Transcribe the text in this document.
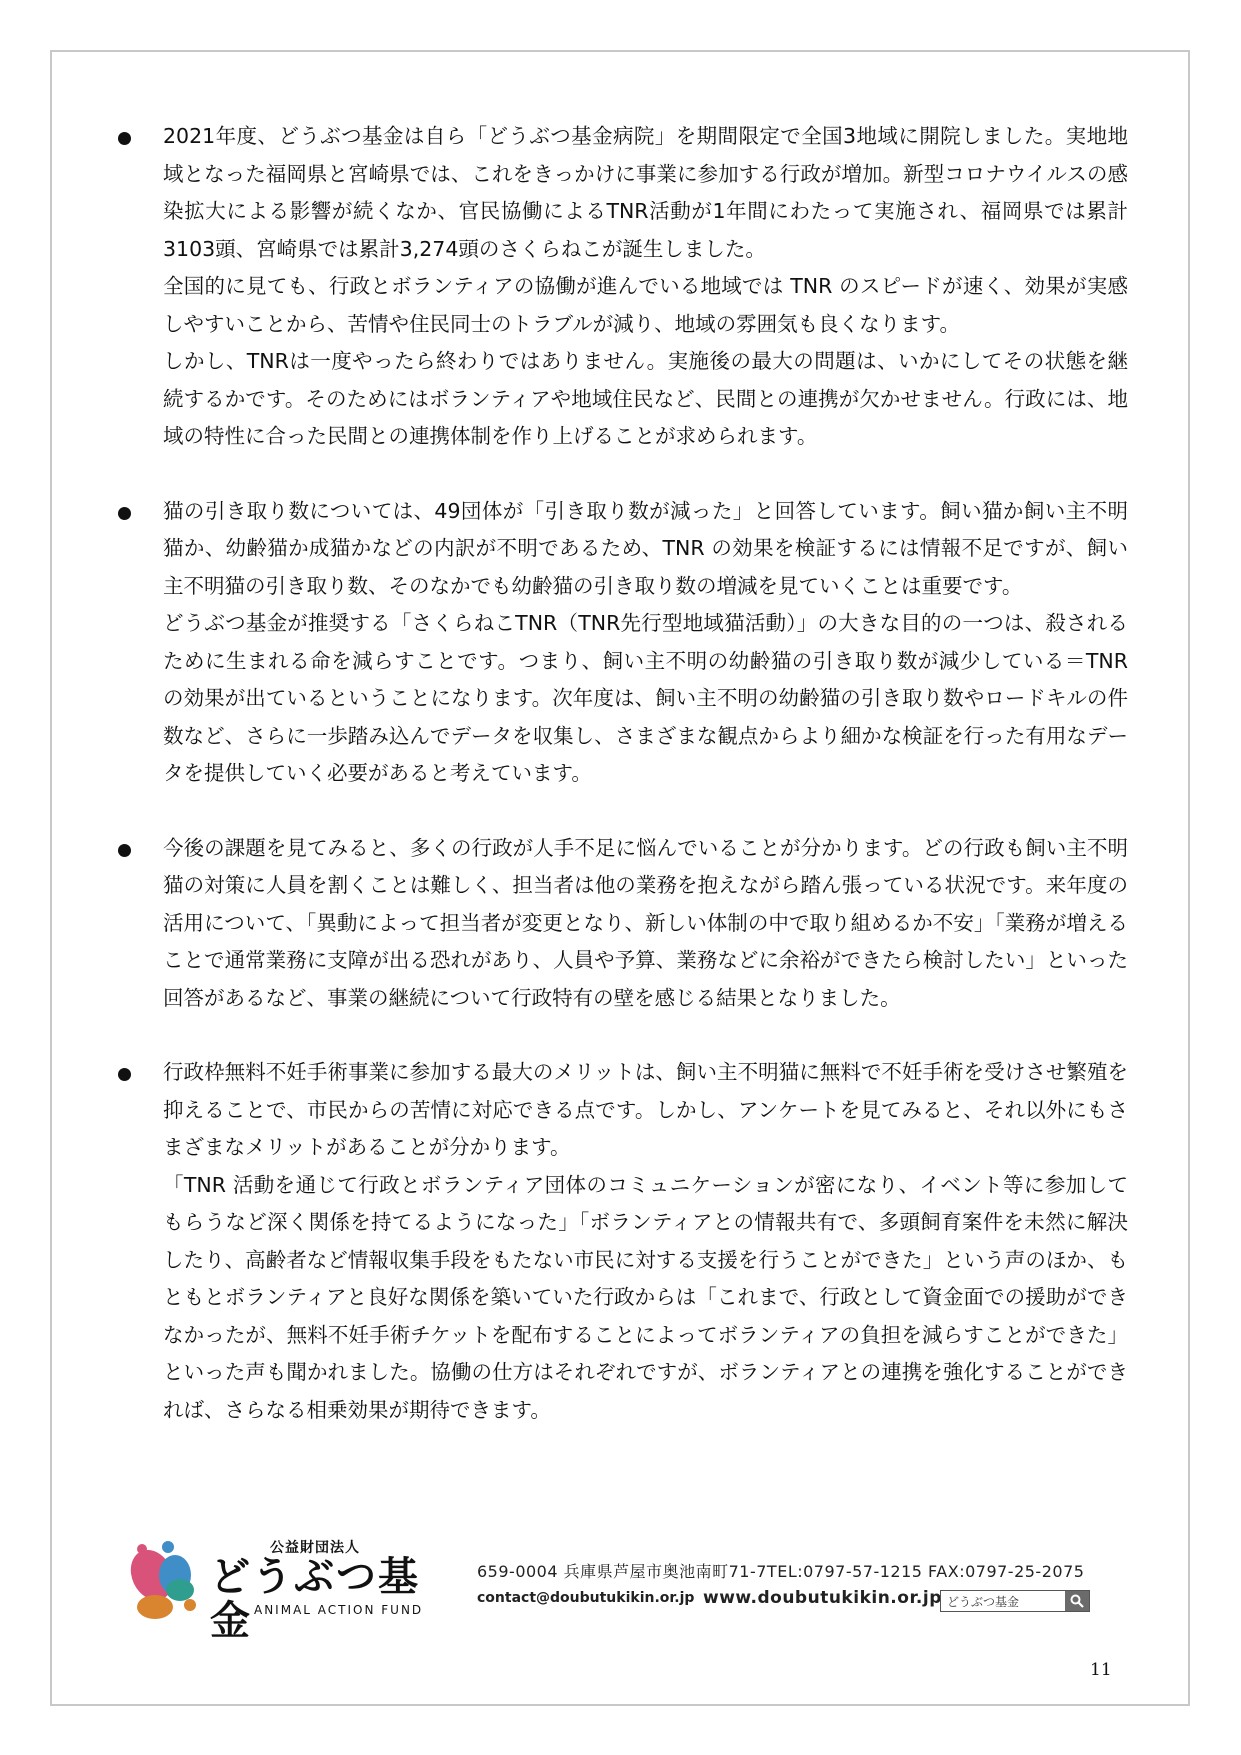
2021年度、どうぶつ基金は自ら「どうぶつ基金病院」を期間限定で全国3地域に開院しました。実地地域となった福岡県と宮崎県では、これをきっかけに事業に参加する行政が増加。新型コロナウイルスの感染拡大による影響が続くなか、官民協働によるTNR活動が1年間にわたって実施され、福岡県では累計3103頭、宮崎県では累計3,274頭のさくらねこが誕生しました。

全国的に見ても、行政とボランティアの協働が進んでいる地域では TNR のスピードが速く、効果が実感しやすいことから、苦情や住民同士のトラブルが減り、地域の雰囲気も良くなります。

しかし、TNRは一度やったら終わりではありません。実施後の最大の問題は、いかにしてその状態を継続するかです。そのためにはボランティアや地域住民など、民間との連携が欠かせません。行政には、地域の特性に合った民間との連携体制を作り上げることが求められます。

猫の引き取り数については、49団体が「引き取り数が減った」と回答しています。飼い猫か飼い主不明猫か、幼齢猫か成猫かなどの内訳が不明であるため、TNR の効果を検証するには情報不足ですが、飼い主不明猫の引き取り数、そのなかでも幼齢猫の引き取り数の増減を見ていくことは重要です。

どうぶつ基金が推奨する「さくらねこTNR（TNR先行型地域猫活動）」の大きな目的の一つは、殺されるために生まれる命を減らすことです。つまり、飼い主不明の幼齢猫の引き取り数が減少している＝TNR の効果が出ているということになります。次年度は、飼い主不明の幼齢猫の引き取り数やロードキルの件数など、さらに一歩踏み込んでデータを収集し、さまざまな観点からより細かな検証を行った有用なデータを提供していく必要があると考えています。

今後の課題を見てみると、多くの行政が人手不足に悩んでいることが分かります。どの行政も飼い主不明猫の対策に人員を割くことは難しく、担当者は他の業務を抱えながら踏ん張っている状況です。来年度の活用について、「異動によって担当者が変更となり、新しい体制の中で取り組めるか不安」「業務が増えることで通常業務に支障が出る恐れがあり、人員や予算、業務などに余裕ができたら検討したい」といった回答があるなど、事業の継続について行政特有の壁を感じる結果となりました。

行政枠無料不妊手術事業に参加する最大のメリットは、飼い主不明猫に無料で不妊手術を受けさせ繁殖を抑えることで、市民からの苦情に対応できる点です。しかし、アンケートを見てみると、それ以外にもさまざまなメリットがあることが分かります。

「TNR 活動を通じて行政とボランティア団体のコミュニケーションが密になり、イベント等に参加してもらうなど深く関係を持てるようになった」「ボランティアとの情報共有で、多頭飼育案件を未然に解決したり、高齢者など情報収集手段をもたない市民に対する支援を行うことができた」という声のほか、もともとボランティアと良好な関係を築いていた行政からは「これまで、行政として資金面での援助ができなかったが、無料不妊手術チケットを配布することによってボランティアの負担を減らすことができた」といった声も聞かれました。協働の仕方はそれぞれですが、ボランティアとの連携を強化することができれば、さらなる相乗効果が期待できます。

公益財団法人
どうぶつ基金 ANIMAL ACTION FUND
659-0004 兵庫県芦屋市奥池南町71-7TEL:0797-57-1215 FAX:0797-25-2075
contact@doubutukikin.or.jp www.doubutukikin.or.jp どうぶつ基金
11
